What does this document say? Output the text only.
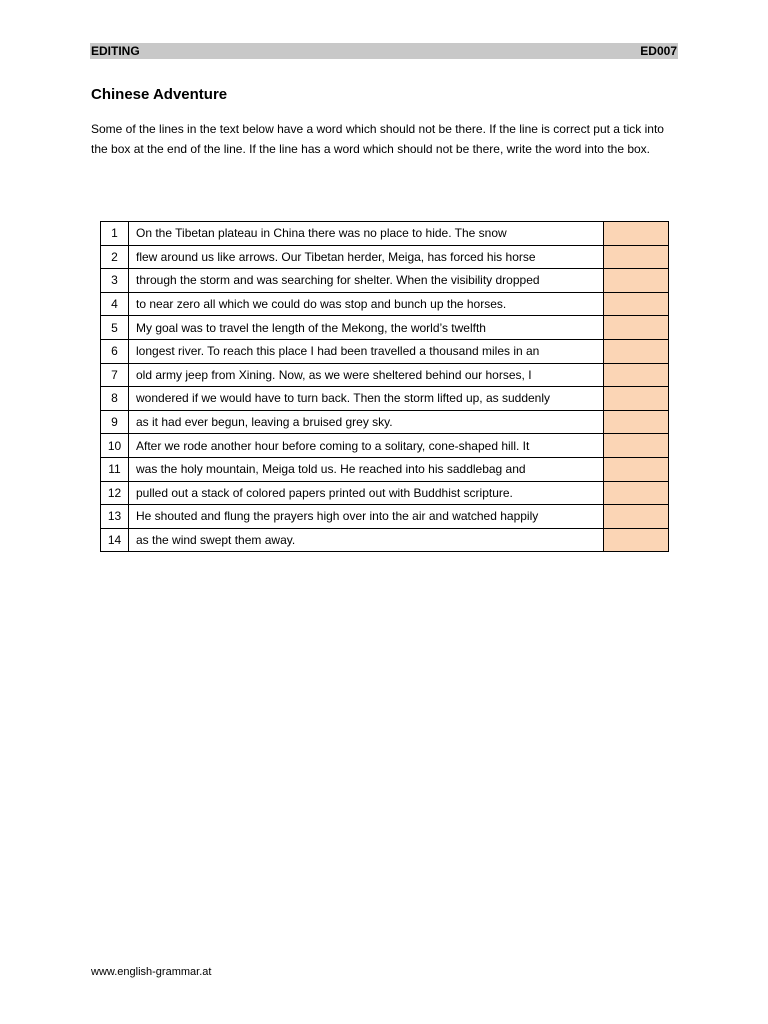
EDITING	ED007
Chinese Adventure
Some of the lines in the text below have a word which should not be there. If the line is correct put a tick into the box at the end of the line. If the line has a word which should not be there, write the word into the box.
1	On the Tibetan plateau in China there was no place to hide. The snow	
2	flew around us like arrows. Our Tibetan herder, Meiga, has forced his horse	
3	through the storm and was searching for shelter. When the visibility dropped	
4	to near zero all which we could do was stop and bunch up the horses.	
5	My goal was to travel the length of the Mekong, the world’s twelfth	
6	longest river. To reach this place I had been travelled a thousand miles in an	
7	old army jeep from Xining. Now, as we were sheltered behind our horses, I	
8	wondered if we would have to turn back. Then the storm lifted up, as suddenly	
9	as it had ever begun, leaving a bruised grey sky.	
10	After we rode another hour before coming to a solitary, cone-shaped hill. It	
11	was the holy mountain, Meiga told us. He reached into his saddlebag and	
12	pulled out a stack of colored papers printed out with Buddhist scripture.	
13	He shouted and flung the prayers high over into the air and watched happily	
14	as the wind swept them away.	
www.english-grammar.at
